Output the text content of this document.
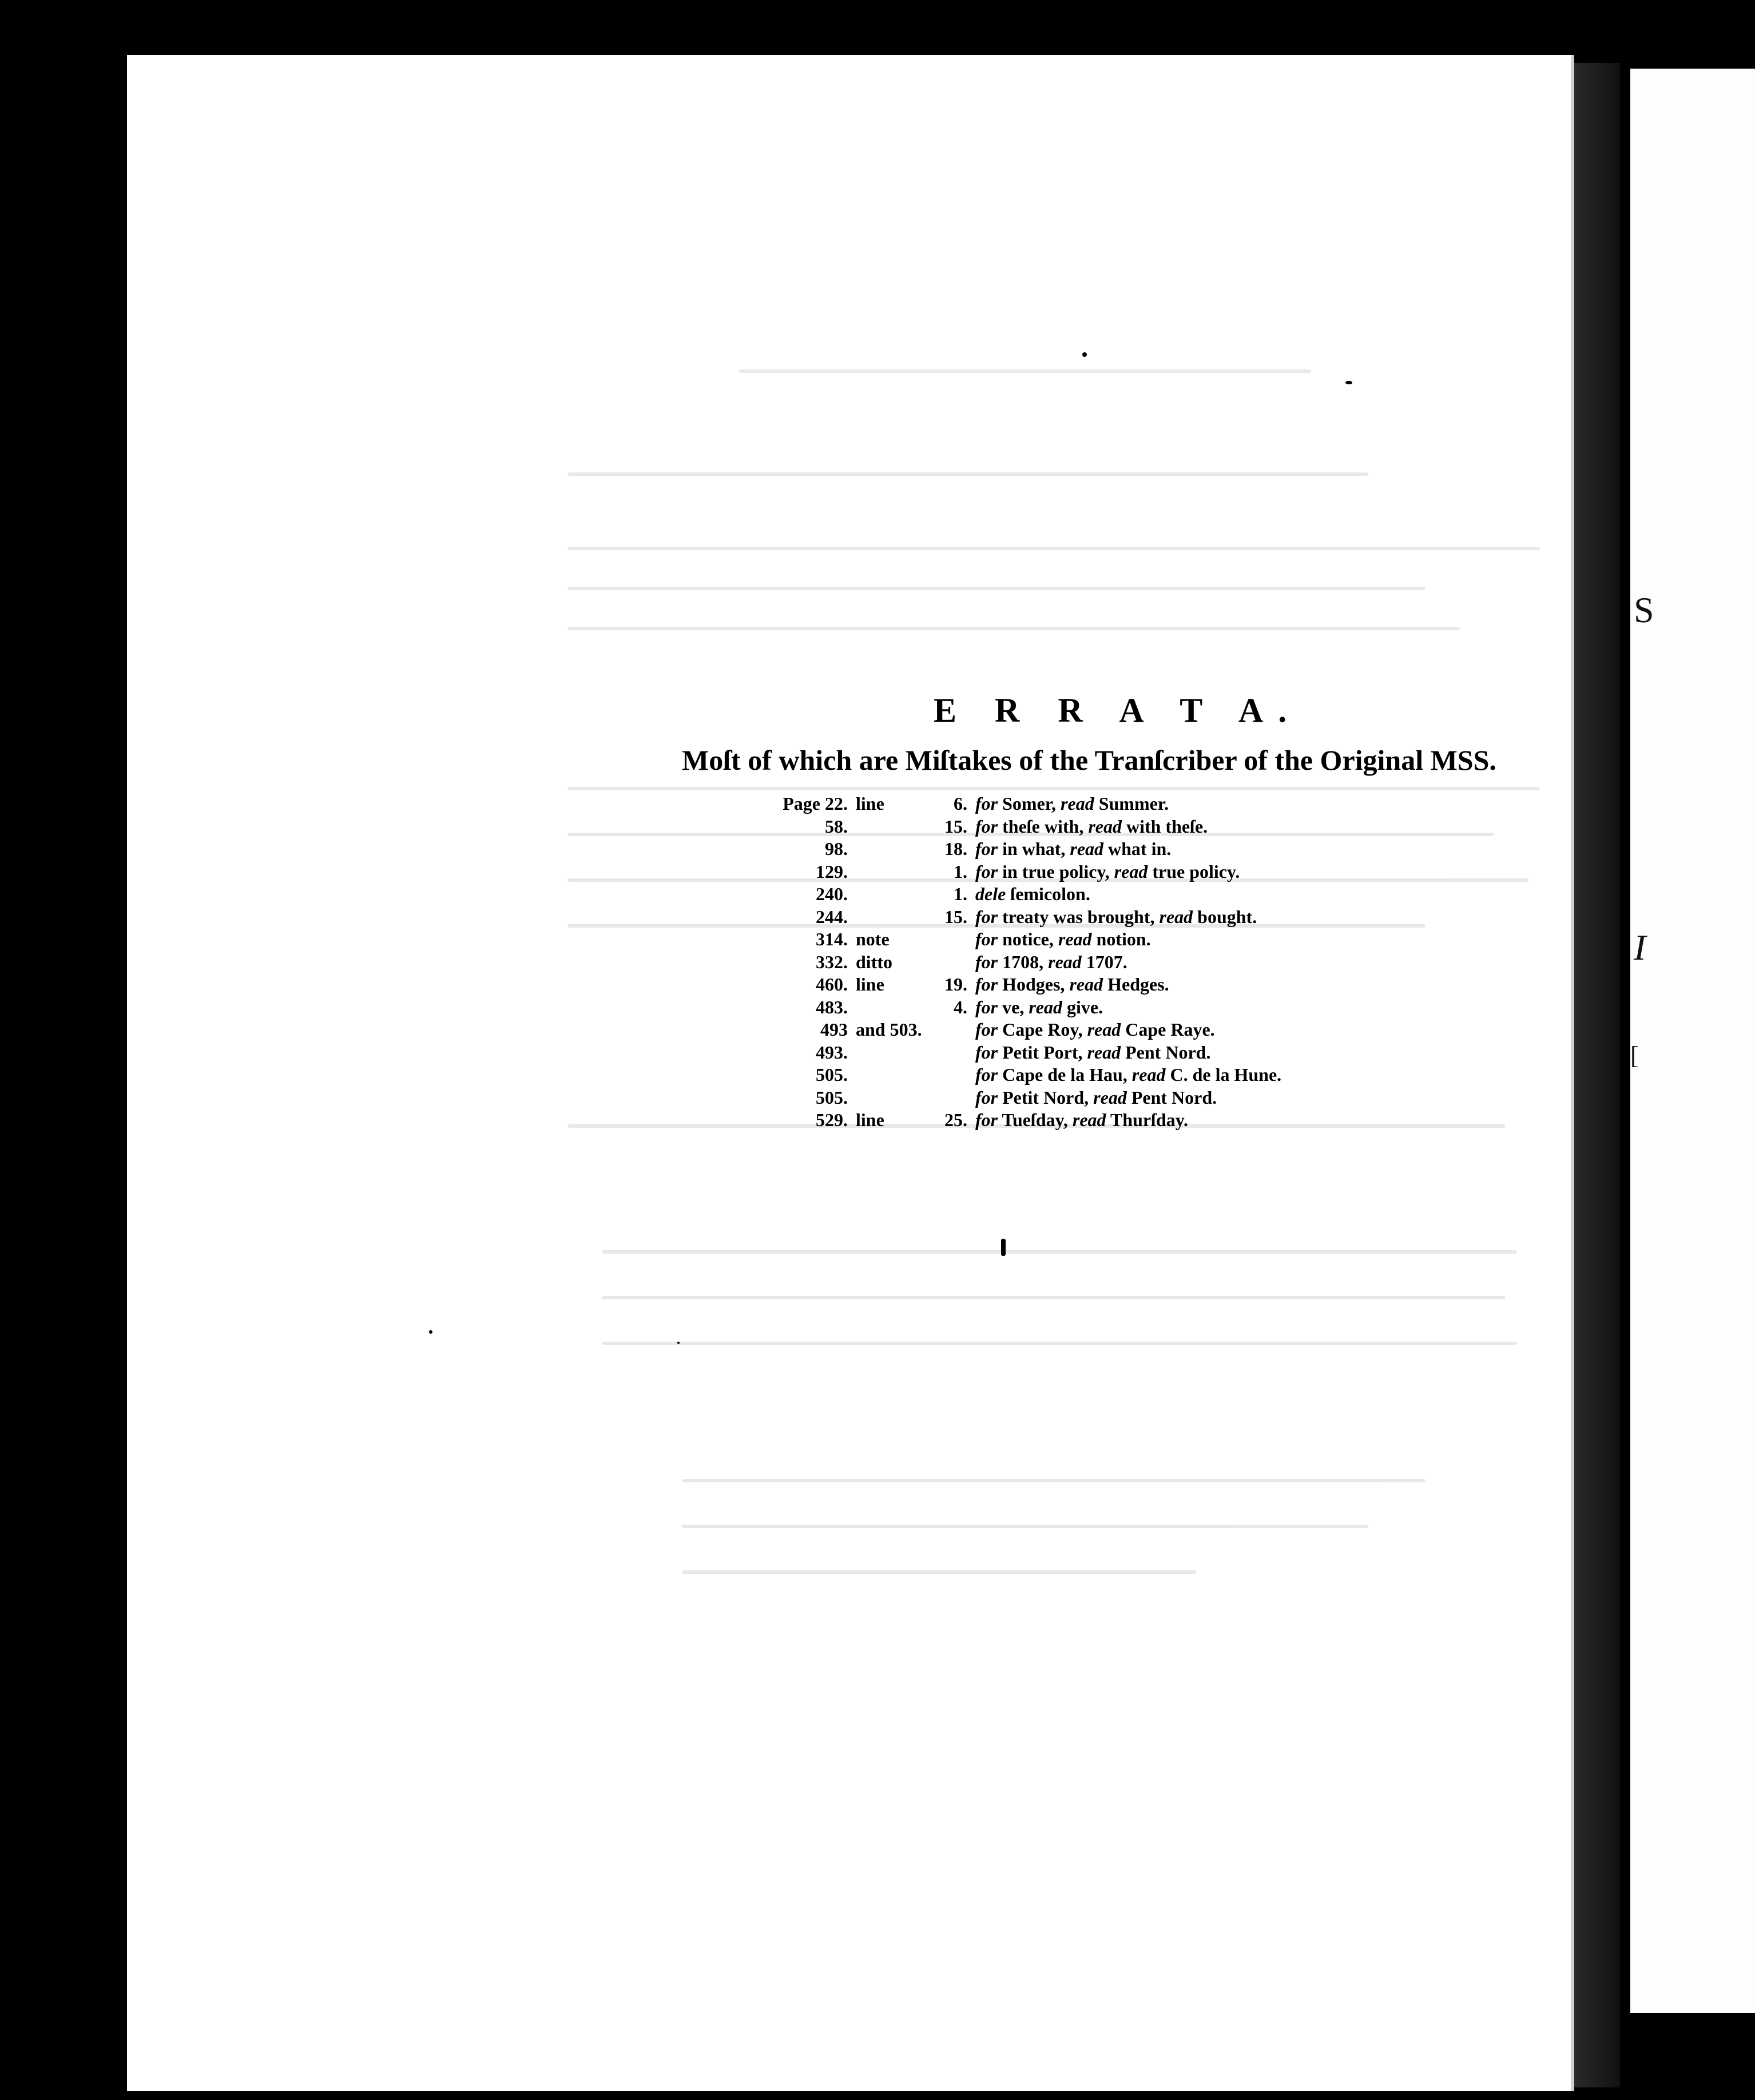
S
I
[
E R R A T A.
Moſt of which are Miſtakes of the Tranſcriber of the Original MSS.
Page 22.	line	6.	for Somer, read Summer.
58.		15.	for theſe with, read with theſe.
98.		18.	for in what, read what in.
129.		1.	for in true policy, read true policy.
240.		1.	dele ſemicolon.
244.		15.	for treaty was brought, read bought.
314.	note		for notice, read notion.
332.	ditto		for 1708, read 1707.
460.	line	19.	for Hodges, read Hedges.
483.		4.	for ve, read give.
493	and 503.		for Cape Roy, read Cape Raye.
493.			for Petit Port, read Pent Nord.
505.			for Cape de la Hau, read C. de la Hune.
505.			for Petit Nord, read Pent Nord.
529.	line	25.	for Tueſday, read Thurſday.
